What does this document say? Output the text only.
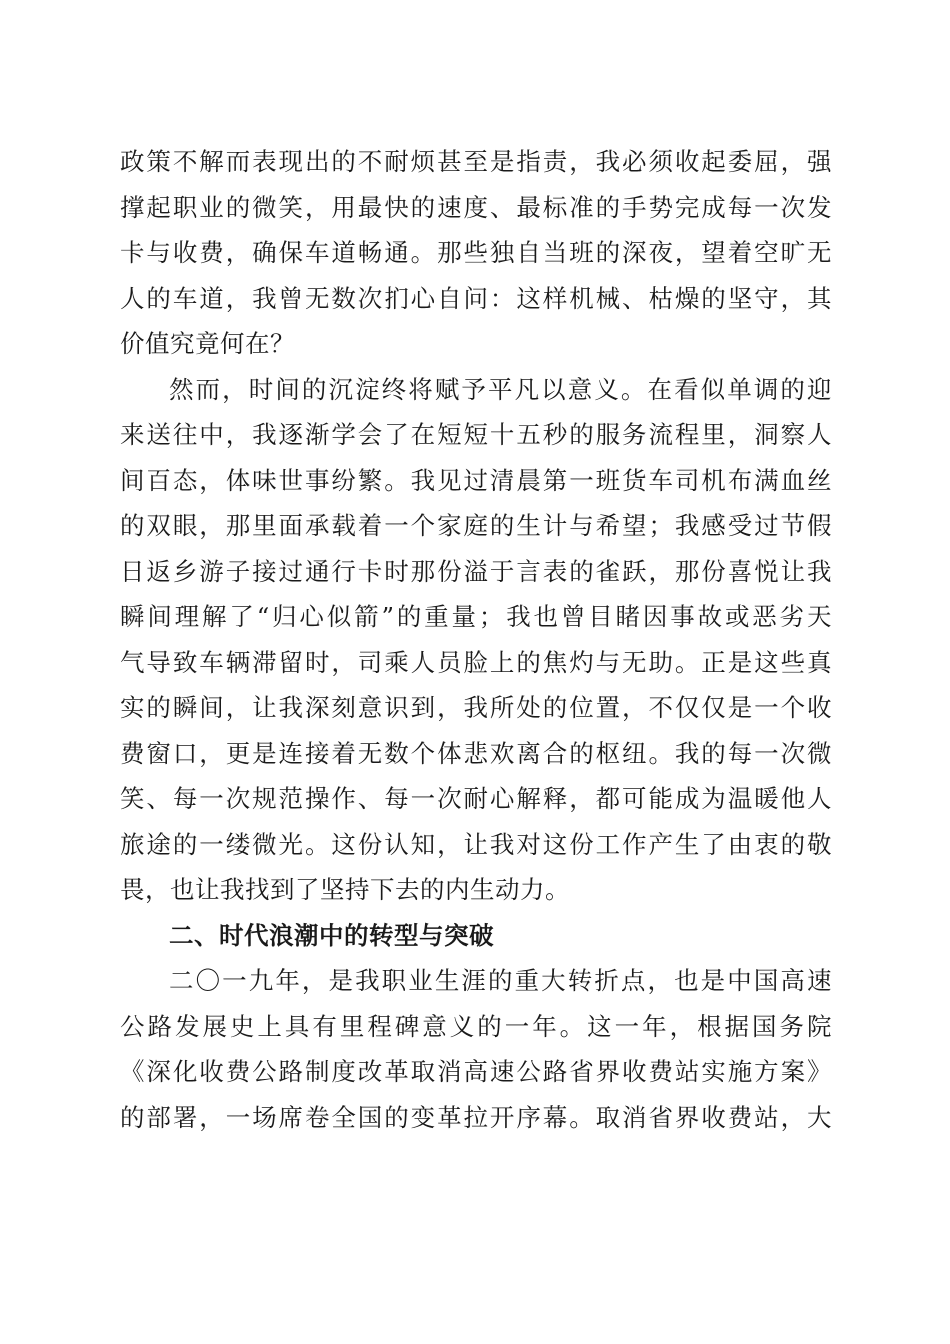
政策不解而表现出的不耐烦甚至是指责，我必须收起委屈，强
撑起职业的微笑，用最快的速度、最标准的手势完成每一次发
卡与收费，确保车道畅通。那些独自当班的深夜，望着空旷无
人的车道，我曾无数次扪心自问：这样机械、枯燥的坚守，其
价值究竟何在？
然而，时间的沉淀终将赋予平凡以意义。在看似单调的迎
来送往中，我逐渐学会了在短短十五秒的服务流程里，洞察人
间百态，体味世事纷繁。我见过清晨第一班货车司机布满血丝
的双眼，那里面承载着一个家庭的生计与希望；我感受过节假
日返乡游子接过通行卡时那份溢于言表的雀跃，那份喜悦让我
瞬间理解了“归心似箭”的重量；我也曾目睹因事故或恶劣天
气导致车辆滞留时，司乘人员脸上的焦灼与无助。正是这些真
实的瞬间，让我深刻意识到，我所处的位置，不仅仅是一个收
费窗口，更是连接着无数个体悲欢离合的枢纽。我的每一次微
笑、每一次规范操作、每一次耐心解释，都可能成为温暖他人
旅途的一缕微光。这份认知，让我对这份工作产生了由衷的敬
畏，也让我找到了坚持下去的内生动力。
二、时代浪潮中的转型与突破
二〇一九年，是我职业生涯的重大转折点，也是中国高速
公路发展史上具有里程碑意义的一年。这一年，根据国务院
《深化收费公路制度改革取消高速公路省界收费站实施方案》
的部署，一场席卷全国的变革拉开序幕。取消省界收费站，大
